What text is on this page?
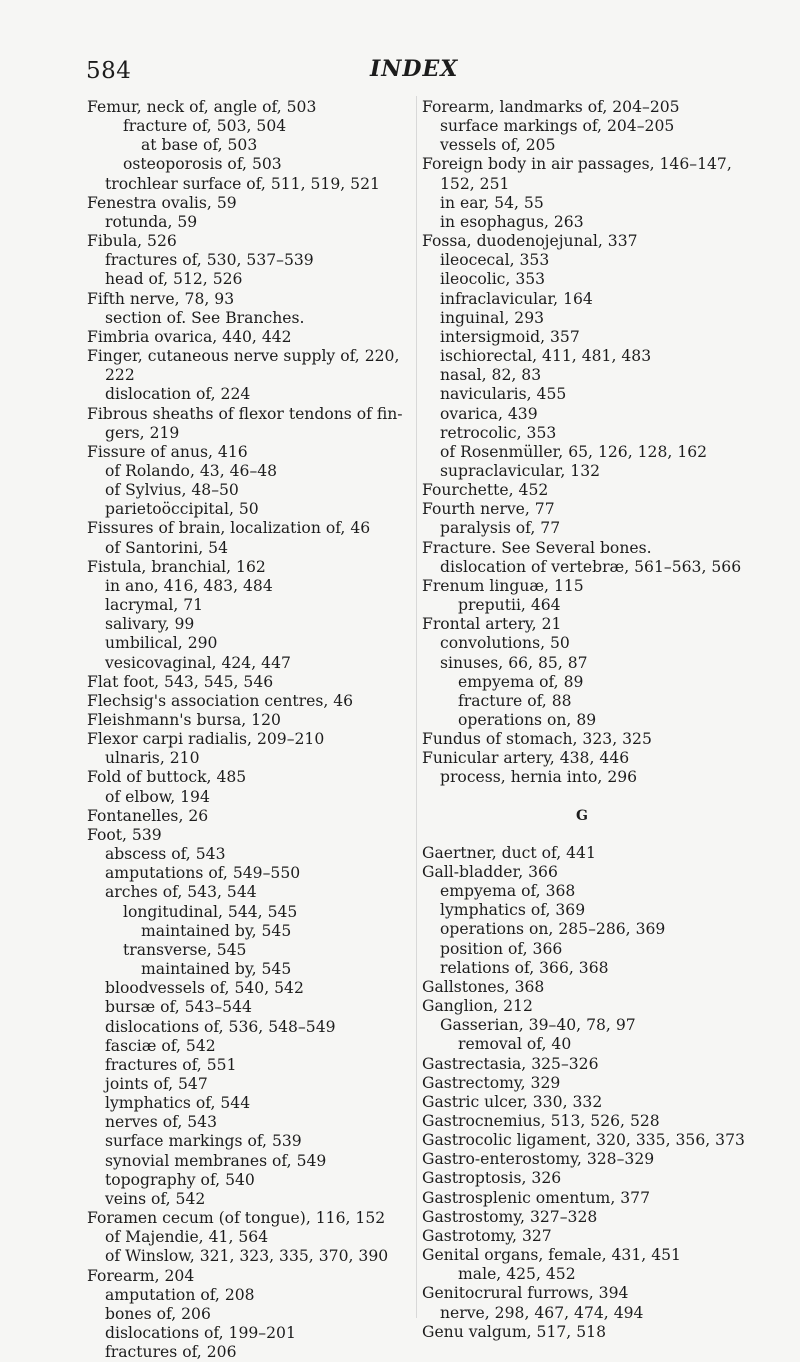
584	INDEX
Femur, neck of, angle of, 503
fracture of, 503, 504
at base of, 503
osteoporosis of, 503
trochlear surface of, 511, 519, 521
Fenestra ovalis, 59
rotunda, 59
Fibula, 526
fractures of, 530, 537–539
head of, 512, 526
Fifth nerve, 78, 93
section of. See Branches.
Fimbria ovarica, 440, 442
Finger, cutaneous nerve supply of, 220,
222
dislocation of, 224
Fibrous sheaths of flexor tendons of fin-
gers, 219
Fissure of anus, 416
of Rolando, 43, 46–48
of Sylvius, 48–50
parietoöccipital, 50
Fissures of brain, localization of, 46
of Santorini, 54
Fistula, branchial, 162
in ano, 416, 483, 484
lacrymal, 71
salivary, 99
umbilical, 290
vesicovaginal, 424, 447
Flat foot, 543, 545, 546
Flechsig's association centres, 46
Fleishmann's bursa, 120
Flexor carpi radialis, 209–210
ulnaris, 210
Fold of buttock, 485
of elbow, 194
Fontanelles, 26
Foot, 539
abscess of, 543
amputations of, 549–550
arches of, 543, 544
longitudinal, 544, 545
maintained by, 545
transverse, 545
maintained by, 545
bloodvessels of, 540, 542
bursæ of, 543–544
dislocations of, 536, 548–549
fasciæ of, 542
fractures of, 551
joints of, 547
lymphatics of, 544
nerves of, 543
surface markings of, 539
synovial membranes of, 549
topography of, 540
veins of, 542
Foramen cecum (of tongue), 116, 152
of Majendie, 41, 564
of Winslow, 321, 323, 335, 370, 390
Forearm, 204
amputation of, 208
bones of, 206
dislocations of, 199–201
fractures of, 206
Forearm, landmarks of, 204–205
surface markings of, 204–205
vessels of, 205
Foreign body in air passages, 146–147,
152, 251
in ear, 54, 55
in esophagus, 263
Fossa, duodenojejunal, 337
ileocecal, 353
ileocolic, 353
infraclavicular, 164
inguinal, 293
intersigmoid, 357
ischiorectal, 411, 481, 483
nasal, 82, 83
navicularis, 455
ovarica, 439
retrocolic, 353
of Rosenmüller, 65, 126, 128, 162
supraclavicular, 132
Fourchette, 452
Fourth nerve, 77
paralysis of, 77
Fracture. See Several bones.
dislocation of vertebræ, 561–563, 566
Frenum linguæ, 115
preputii, 464
Frontal artery, 21
convolutions, 50
sinuses, 66, 85, 87
empyema of, 89
fracture of, 88
operations on, 89
Fundus of stomach, 323, 325
Funicular artery, 438, 446
process, hernia into, 296
G
Gaertner, duct of, 441
Gall-bladder, 366
empyema of, 368
lymphatics of, 369
operations on, 285–286, 369
position of, 366
relations of, 366, 368
Gallstones, 368
Ganglion, 212
Gasserian, 39–40, 78, 97
removal of, 40
Gastrectasia, 325–326
Gastrectomy, 329
Gastric ulcer, 330, 332
Gastrocnemius, 513, 526, 528
Gastrocolic ligament, 320, 335, 356, 373
Gastro-enterostomy, 328–329
Gastroptosis, 326
Gastrosplenic omentum, 377
Gastrostomy, 327–328
Gastrotomy, 327
Genital organs, female, 431, 451
male, 425, 452
Genitocrural furrows, 394
nerve, 298, 467, 474, 494
Genu valgum, 517, 518
